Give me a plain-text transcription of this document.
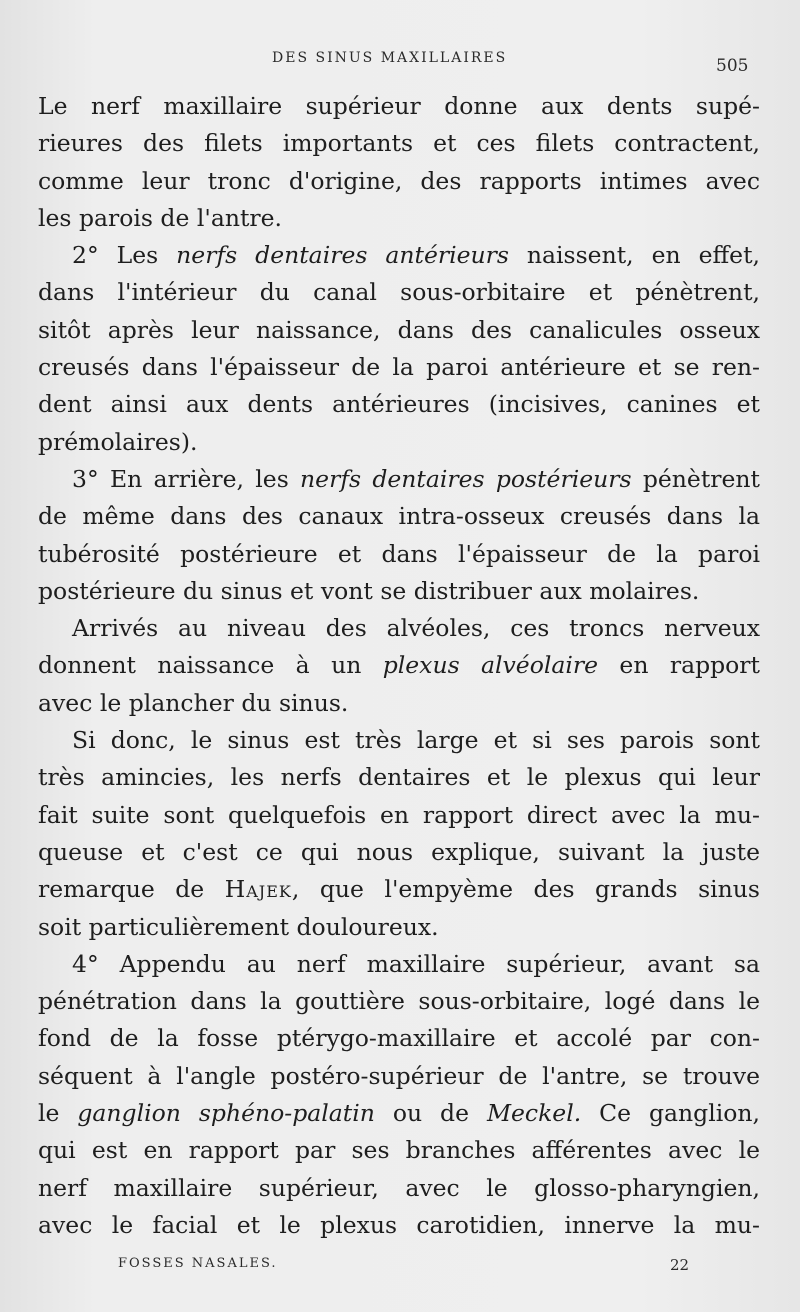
DES SINUS MAXILLAIRES	505
Le nerf maxillaire supérieur donne aux dents supé-
rieures des filets importants et ces filets contractent,
comme leur tronc d'origine, des rapports intimes avec
les parois de l'antre.
2° Les nerfs dentaires antérieurs naissent, en effet,
dans l'intérieur du canal sous-orbitaire et pénètrent,
sitôt après leur naissance, dans des canalicules osseux
creusés dans l'épaisseur de la paroi antérieure et se ren-
dent ainsi aux dents antérieures (incisives, canines et
prémolaires).
3° En arrière, les nerfs dentaires postérieurs pénètrent
de même dans des canaux intra-osseux creusés dans la
tubérosité postérieure et dans l'épaisseur de la paroi
postérieure du sinus et vont se distribuer aux molaires.
Arrivés au niveau des alvéoles, ces troncs nerveux
donnent naissance à un plexus alvéolaire en rapport
avec le plancher du sinus.
Si donc, le sinus est très large et si ses parois sont
très amincies, les nerfs dentaires et le plexus qui leur
fait suite sont quelquefois en rapport direct avec la mu-
queuse et c'est ce qui nous explique, suivant la juste
remarque de Hajek, que l'empyème des grands sinus
soit particulièrement douloureux.
4° Appendu au nerf maxillaire supérieur, avant sa
pénétration dans la gouttière sous-orbitaire, logé dans le
fond de la fosse ptérygo-maxillaire et accolé par con-
séquent à l'angle postéro-supérieur de l'antre, se trouve
le ganglion sphéno-palatin ou de Meckel. Ce ganglion,
qui est en rapport par ses branches afférentes avec le
nerf maxillaire supérieur, avec le glosso-pharyngien,
avec le facial et le plexus carotidien, innerve la mu-
FOSSES NASALES.	22
